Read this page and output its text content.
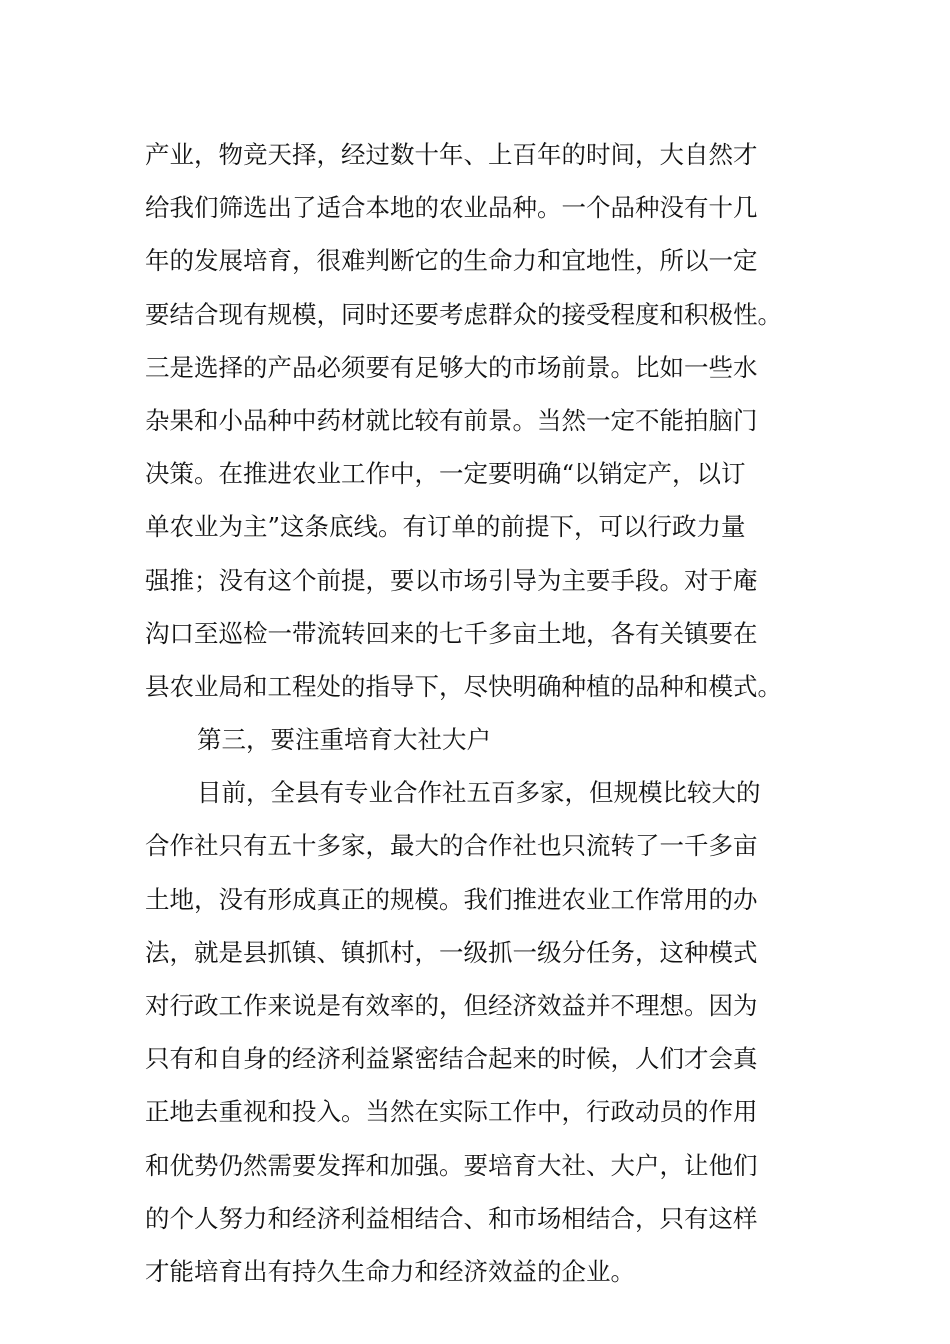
产业，物竞天择，经过数十年、上百年的时间，大自然才
给我们筛选出了适合本地的农业品种。一个品种没有十几
年的发展培育，很难判断它的生命力和宜地性，所以一定
要结合现有规模，同时还要考虑群众的接受程度和积极性。
三是选择的产品必须要有足够大的市场前景。比如一些水
杂果和小品种中药材就比较有前景。当然一定不能拍脑门
决策。在推进农业工作中，一定要明确“以销定产，以订
单农业为主”这条底线。有订单的前提下，可以行政力量
强推；没有这个前提，要以市场引导为主要手段。对于庵
沟口至巡检一带流转回来的七千多亩土地，各有关镇要在
县农业局和工程处的指导下，尽快明确种植的品种和模式。
第三，要注重培育大社大户
目前，全县有专业合作社五百多家，但规模比较大的
合作社只有五十多家，最大的合作社也只流转了一千多亩
土地，没有形成真正的规模。我们推进农业工作常用的办
法，就是县抓镇、镇抓村，一级抓一级分任务，这种模式
对行政工作来说是有效率的，但经济效益并不理想。因为
只有和自身的经济利益紧密结合起来的时候，人们才会真
正地去重视和投入。当然在实际工作中，行政动员的作用
和优势仍然需要发挥和加强。要培育大社、大户，让他们
的个人努力和经济利益相结合、和市场相结合，只有这样
才能培育出有持久生命力和经济效益的企业。
